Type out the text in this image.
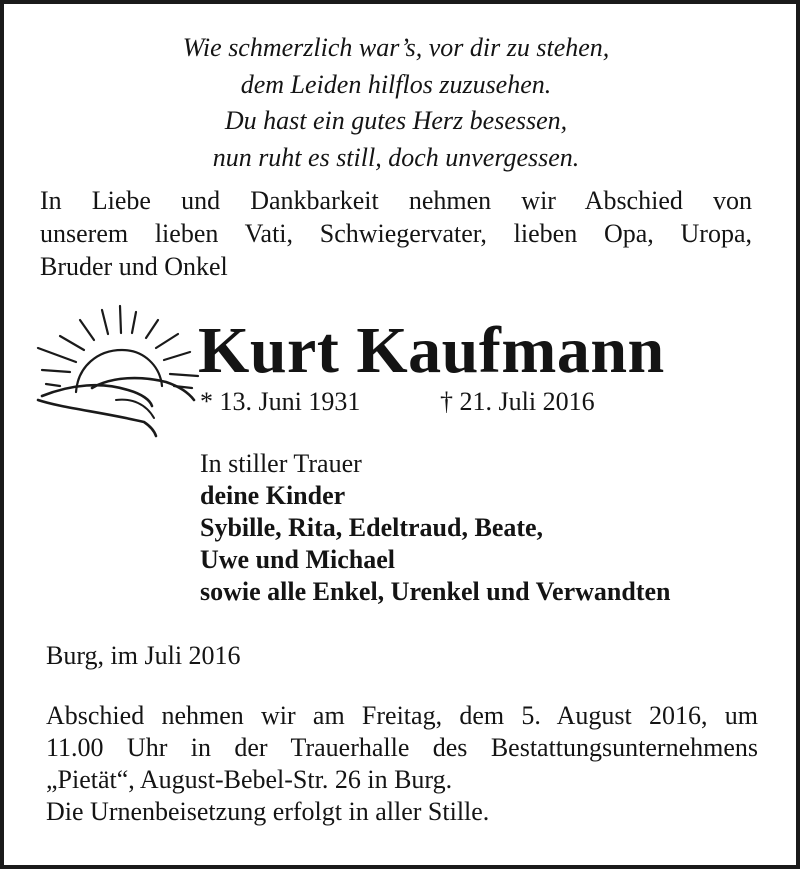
Wie schmerzlich war’s, vor dir zu stehen,
dem Leiden hilflos zuzusehen.
Du hast ein gutes Herz besessen,
nun ruht es still, doch unvergessen.
In Liebe und Dankbarkeit nehmen wir Abschied von
unserem lieben Vati, Schwiegervater, lieben Opa, Uropa,
Bruder und Onkel
Kurt Kaufmann
* 13. Juni 1931	† 21. Juli 2016
In stiller Trauer
deine Kinder
Sybille, Rita, Edeltraud, Beate,
Uwe und Michael
sowie alle Enkel, Urenkel und Verwandten
Burg, im Juli 2016
Abschied nehmen wir am Freitag, dem 5. August 2016, um
11.00 Uhr in der Trauerhalle des Bestattungsunternehmens
„Pietät“, August-Bebel-Str. 26 in Burg.
Die Urnenbeisetzung erfolgt in aller Stille.
